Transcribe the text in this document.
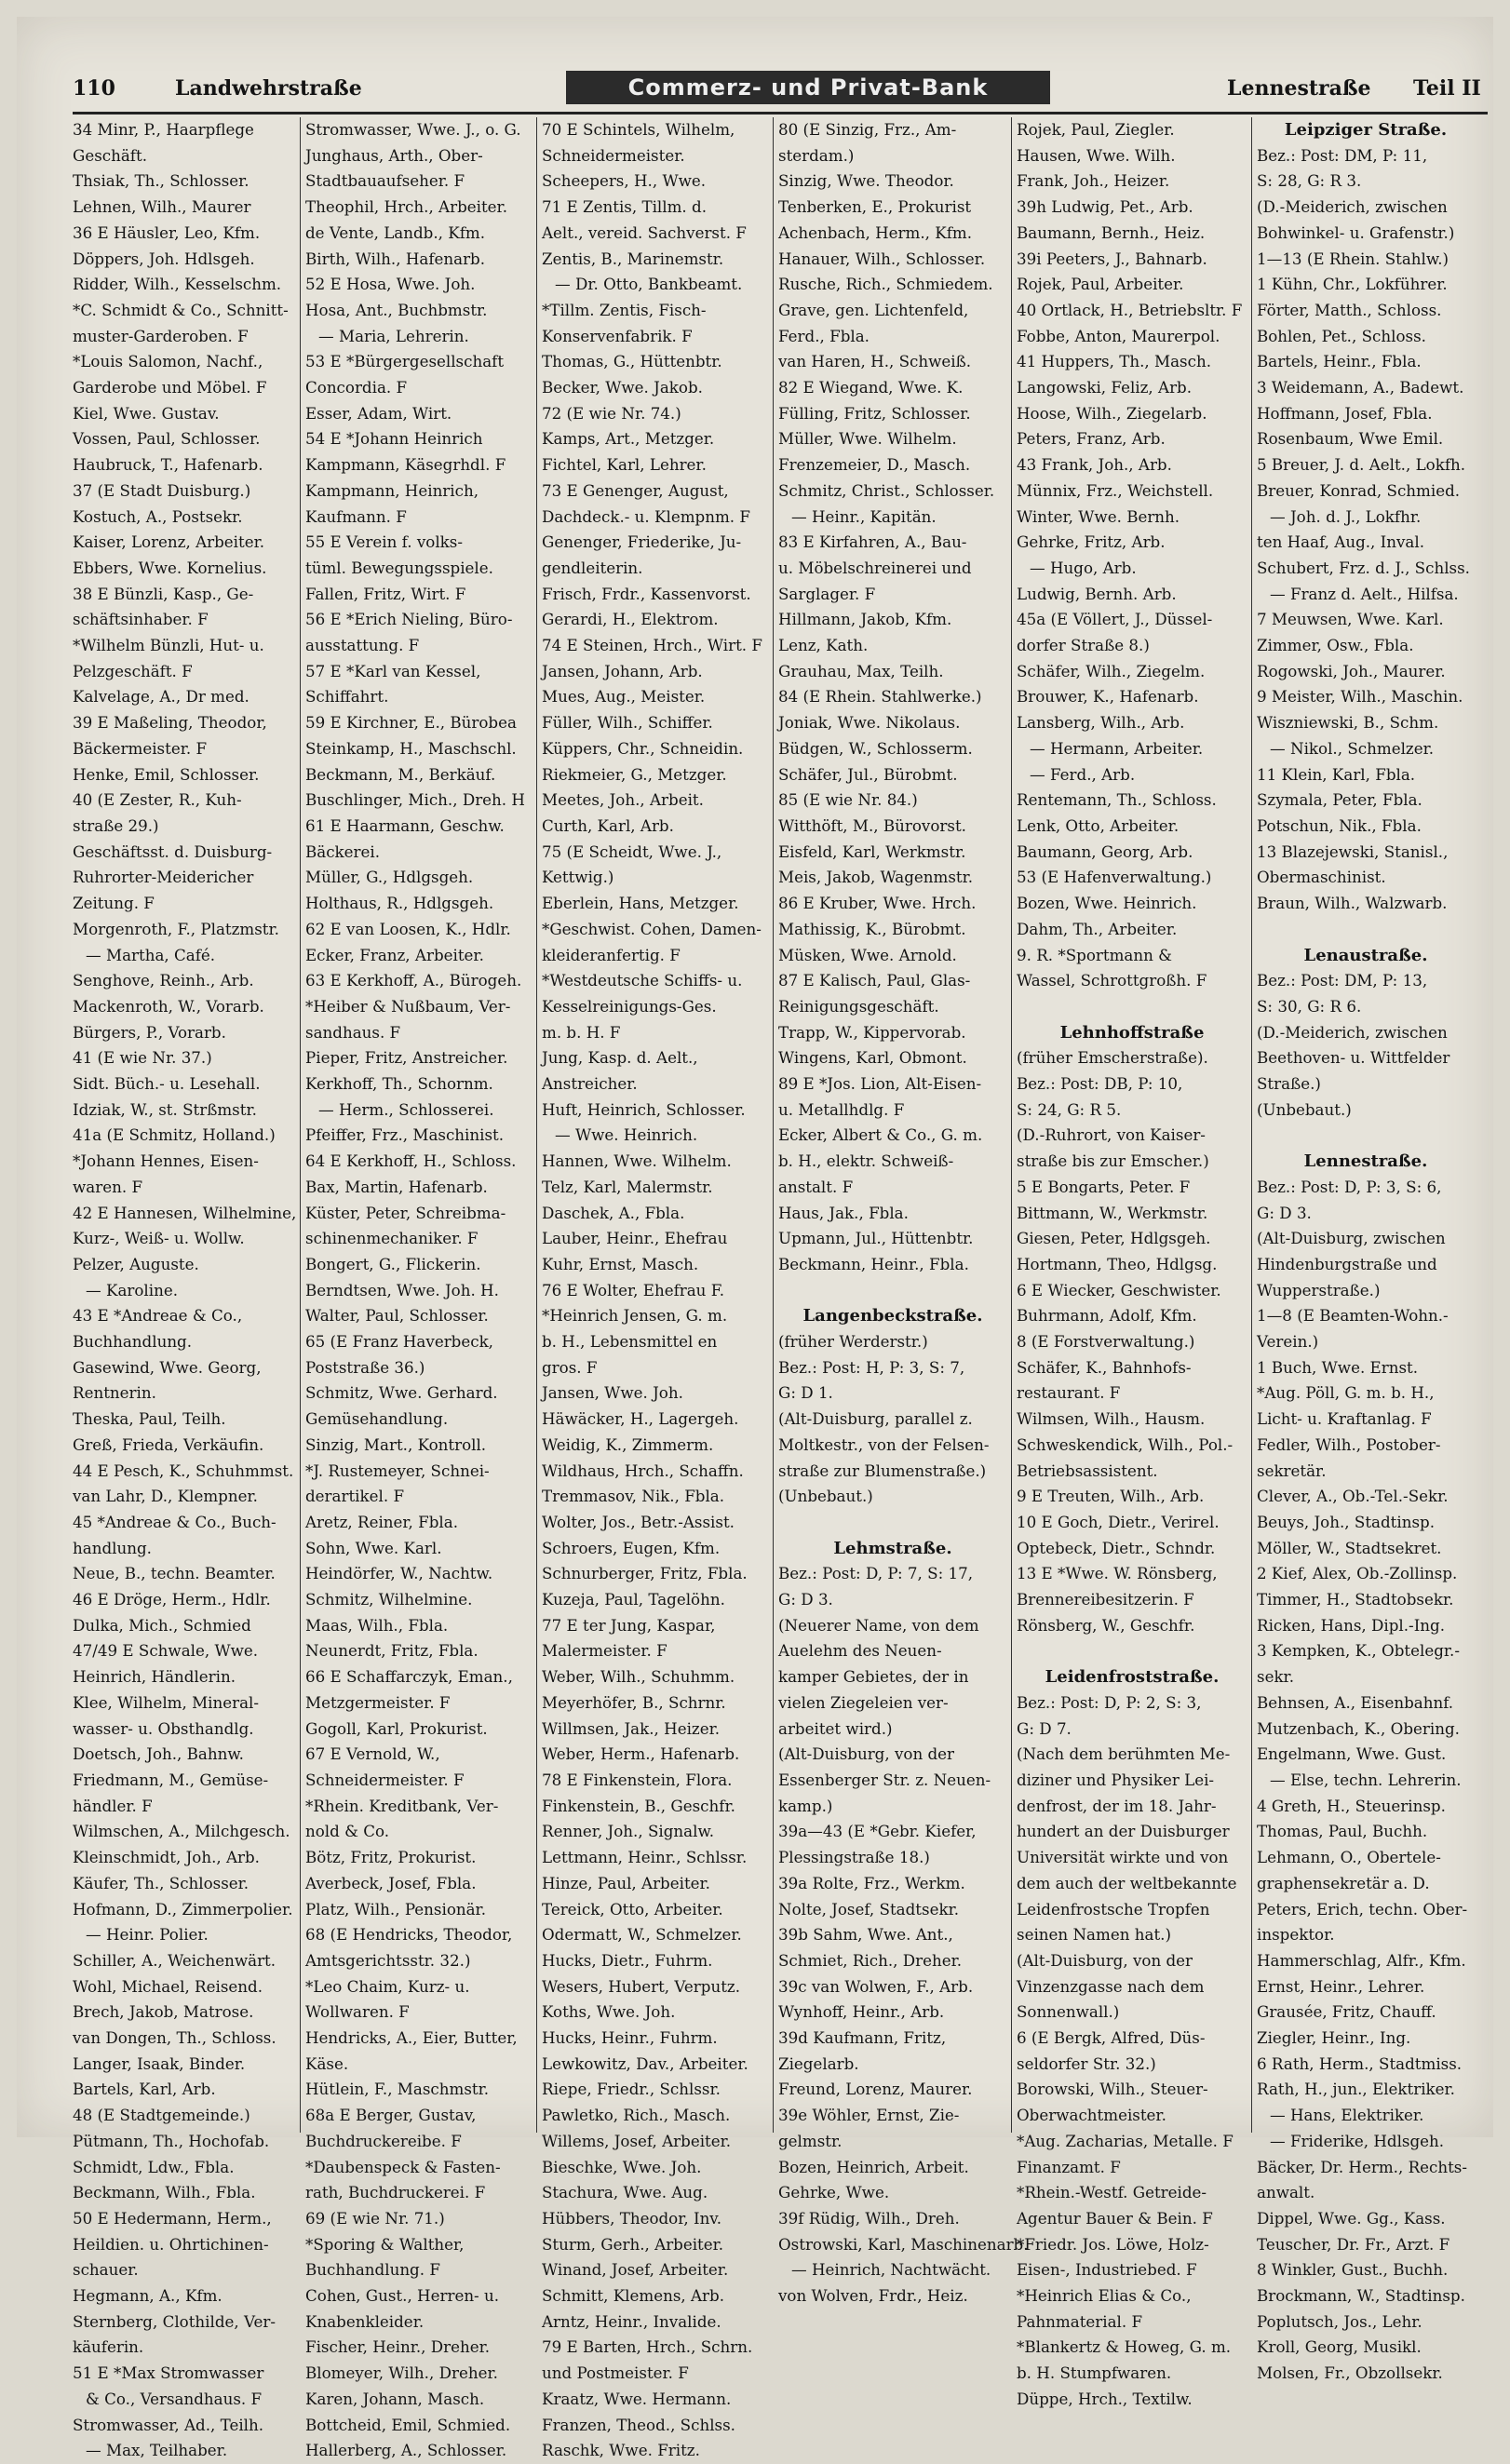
110	Landwehrstraße	Commerz- und Privat-Bank	Lennestraße Teil II
34 Minr, P., Haarpflege
Geschäft.
Thsiak, Th., Schlosser.
Lehnen, Wilh., Maurer
36 E Häusler, Leo, Kfm.
Döppers, Joh. Hdlsgeh.
Ridder, Wilh., Kesselschm.
*C. Schmidt & Co., Schnitt-
muster-Garderoben. F
*Louis Salomon, Nachf.,
Garderobe und Möbel. F
Kiel, Wwe. Gustav.
Vossen, Paul, Schlosser.
Haubruck, T., Hafenarb.
37 (E Stadt Duisburg.)
Kostuch, A., Postsekr.
Kaiser, Lorenz, Arbeiter.
Ebbers, Wwe. Kornelius.
38 E Bünzli, Kasp., Ge-
schäftsinhaber. F
*Wilhelm Bünzli, Hut- u.
Pelzgeschäft. F
Kalvelage, A., Dr med.
39 E Maßeling, Theodor,
Bäckermeister. F
Henke, Emil, Schlosser.
40 (E Zester, R., Kuh-
straße 29.)
Geschäftsst. d. Duisburg-
Ruhrorter-Meidericher
Zeitung. F
Morgenroth, F., Platzmstr.
— Martha, Café.
Senghove, Reinh., Arb.
Mackenroth, W., Vorarb.
Bürgers, P., Vorarb.
41 (E wie Nr. 37.)
Sidt. Büch.- u. Lesehall.
Idziak, W., st. Strßmstr.
41a (E Schmitz, Holland.)
*Johann Hennes, Eisen-
waren. F
42 E Hannesen, Wilhelmine,
Kurz-, Weiß- u. Wollw.
Pelzer, Auguste.
— Karoline.
43 E *Andreae & Co.,
Buchhandlung.
Gasewind, Wwe. Georg,
Rentnerin.
Theska, Paul, Teilh.
Greß, Frieda, Verkäufin.
44 E Pesch, K., Schuhmmst.
van Lahr, D., Klempner.
45 *Andreae & Co., Buch-
handlung.
Neue, B., techn. Beamter.
46 E Dröge, Herm., Hdlr.
Dulka, Mich., Schmied
47/49 E Schwale, Wwe.
Heinrich, Händlerin.
Klee, Wilhelm, Mineral-
wasser- u. Obsthandlg.
Doetsch, Joh., Bahnw.
Friedmann, M., Gemüse-
händler. F
Wilmschen, A., Milchgesch.
Kleinschmidt, Joh., Arb.
Käufer, Th., Schlosser.
Hofmann, D., Zimmerpolier.
— Heinr. Polier.
Schiller, A., Weichenwärt.
Wohl, Michael, Reisend.
Brech, Jakob, Matrose.
van Dongen, Th., Schloss.
Langer, Isaak, Binder.
Bartels, Karl, Arb.
48 (E Stadtgemeinde.)
Pütmann, Th., Hochofab.
Schmidt, Ldw., Fbla.
Beckmann, Wilh., Fbla.
50 E Hedermann, Herm.,
Heildien. u. Ohrtichinen-
schauer.
Hegmann, A., Kfm.
Sternberg, Clothilde, Ver-
käuferin.
51 E *Max Stromwasser
& Co., Versandhaus. F
Stromwasser, Ad., Teilh.
— Max, Teilhaber.
Stromwasser, Wwe. J., o. G.
Junghaus, Arth., Ober-
Stadtbauaufseher. F
Theophil, Hrch., Arbeiter.
de Vente, Landb., Kfm.
Birth, Wilh., Hafenarb.
52 E Hosa, Wwe. Joh.
Hosa, Ant., Buchbmstr.
— Maria, Lehrerin.
53 E *Bürgergesellschaft
Concordia. F
Esser, Adam, Wirt.
54 E *Johann Heinrich
Kampmann, Käsegrhdl. F
Kampmann, Heinrich,
Kaufmann. F
55 E Verein f. volks-
tüml. Bewegungsspiele.
Fallen, Fritz, Wirt. F
56 E *Erich Nieling, Büro-
ausstattung. F
57 E *Karl van Kessel,
Schiffahrt.
59 E Kirchner, E., Bürobea
Steinkamp, H., Maschschl.
Beckmann, M., Berkäuf.
Buschlinger, Mich., Dreh. H
61 E Haarmann, Geschw.
Bäckerei.
Müller, G., Hdlgsgeh.
Holthaus, R., Hdlgsgeh.
62 E van Loosen, K., Hdlr.
Ecker, Franz, Arbeiter.
63 E Kerkhoff, A., Bürogeh.
*Heiber & Nußbaum, Ver-
sandhaus. F
Pieper, Fritz, Anstreicher.
Kerkhoff, Th., Schornm.
— Herm., Schlosserei.
Pfeiffer, Frz., Maschinist.
64 E Kerkhoff, H., Schloss.
Bax, Martin, Hafenarb.
Küster, Peter, Schreibma-
schinenmechaniker. F
Bongert, G., Flickerin.
Berndtsen, Wwe. Joh. H.
Walter, Paul, Schlosser.
65 (E Franz Haverbeck,
Poststraße 36.)
Schmitz, Wwe. Gerhard.
Gemüsehandlung.
Sinzig, Mart., Kontroll.
*J. Rustemeyer, Schnei-
derartikel. F
Aretz, Reiner, Fbla.
Sohn, Wwe. Karl.
Heindörfer, W., Nachtw.
Schmitz, Wilhelmine.
Maas, Wilh., Fbla.
Neunerdt, Fritz, Fbla.
66 E Schaffarczyk, Eman.,
Metzgermeister. F
Gogoll, Karl, Prokurist.
67 E Vernold, W.,
Schneidermeister. F
*Rhein. Kreditbank, Ver-
nold & Co.
Bötz, Fritz, Prokurist.
Averbeck, Josef, Fbla.
Platz, Wilh., Pensionär.
68 (E Hendricks, Theodor,
Amtsgerichtsstr. 32.)
*Leo Chaim, Kurz- u.
Wollwaren. F
Hendricks, A., Eier, Butter,
Käse.
Hütlein, F., Maschmstr.
68a E Berger, Gustav,
Buchdruckereibe. F
*Daubenspeck & Fasten-
rath, Buchdruckerei. F
69 (E wie Nr. 71.)
*Sporing & Walther,
Buchhandlung. F
Cohen, Gust., Herren- u.
Knabenkleider.
Fischer, Heinr., Dreher.
Blomeyer, Wilh., Dreher.
Karen, Johann, Masch.
Bottcheid, Emil, Schmied.
Hallerberg, A., Schlosser.
70 E Schintels, Wilhelm,
Schneidermeister.
Scheepers, H., Wwe.
71 E Zentis, Tillm. d.
Aelt., vereid. Sachverst. F
Zentis, B., Marinemstr.
— Dr. Otto, Bankbeamt.
*Tillm. Zentis, Fisch-
Konservenfabrik. F
Thomas, G., Hüttenbtr.
Becker, Wwe. Jakob.
72 (E wie Nr. 74.)
Kamps, Art., Metzger.
Fichtel, Karl, Lehrer.
73 E Genenger, August,
Dachdeck.- u. Klempnm. F
Genenger, Friederike, Ju-
gendleiterin.
Frisch, Frdr., Kassenvorst.
Gerardi, H., Elektrom.
74 E Steinen, Hrch., Wirt. F
Jansen, Johann, Arb.
Mues, Aug., Meister.
Füller, Wilh., Schiffer.
Küppers, Chr., Schneidin.
Riekmeier, G., Metzger.
Meetes, Joh., Arbeit.
Curth, Karl, Arb.
75 (E Scheidt, Wwe. J.,
Kettwig.)
Eberlein, Hans, Metzger.
*Geschwist. Cohen, Damen-
kleideranfertig. F
*Westdeutsche Schiffs- u.
Kesselreinigungs-Ges.
m. b. H. F
Jung, Kasp. d. Aelt.,
Anstreicher.
Huft, Heinrich, Schlosser.
— Wwe. Heinrich.
Hannen, Wwe. Wilhelm.
Telz, Karl, Malermstr.
Daschek, A., Fbla.
Lauber, Heinr., Ehefrau
Kuhr, Ernst, Masch.
76 E Wolter, Ehefrau F.
*Heinrich Jensen, G. m.
b. H., Lebensmittel en
gros. F
Jansen, Wwe. Joh.
Häwäcker, H., Lagergeh.
Weidig, K., Zimmerm.
Wildhaus, Hrch., Schaffn.
Tremmasov, Nik., Fbla.
Wolter, Jos., Betr.-Assist.
Schroers, Eugen, Kfm.
Schnurberger, Fritz, Fbla.
Kuzeja, Paul, Tagelöhn.
77 E ter Jung, Kaspar,
Malermeister. F
Weber, Wilh., Schuhmm.
Meyerhöfer, B., Schrnr.
Willmsen, Jak., Heizer.
Weber, Herm., Hafenarb.
78 E Finkenstein, Flora.
Finkenstein, B., Geschfr.
Renner, Joh., Signalw.
Lettmann, Heinr., Schlssr.
Hinze, Paul, Arbeiter.
Tereick, Otto, Arbeiter.
Odermatt, W., Schmelzer.
Hucks, Dietr., Fuhrm.
Wesers, Hubert, Verputz.
Koths, Wwe. Joh.
Hucks, Heinr., Fuhrm.
Lewkowitz, Dav., Arbeiter.
Riepe, Friedr., Schlssr.
Pawletko, Rich., Masch.
Willems, Josef, Arbeiter.
Bieschke, Wwe. Joh.
Stachura, Wwe. Aug.
Hübbers, Theodor, Inv.
Sturm, Gerh., Arbeiter.
Winand, Josef, Arbeiter.
Schmitt, Klemens, Arb.
Arntz, Heinr., Invalide.
79 E Barten, Hrch., Schrn.
und Postmeister. F
Kraatz, Wwe. Hermann.
Franzen, Theod., Schlss.
Raschk, Wwe. Fritz.
80 (E Sinzig, Frz., Am-
sterdam.)
Sinzig, Wwe. Theodor.
Tenberken, E., Prokurist
Achenbach, Herm., Kfm.
Hanauer, Wilh., Schlosser.
Rusche, Rich., Schmiedem.
Grave, gen. Lichtenfeld,
Ferd., Fbla.
van Haren, H., Schweiß.
82 E Wiegand, Wwe. K.
Fülling, Fritz, Schlosser.
Müller, Wwe. Wilhelm.
Frenzemeier, D., Masch.
Schmitz, Christ., Schlosser.
— Heinr., Kapitän.
83 E Kirfahren, A., Bau-
u. Möbelschreinerei und
Sarglager. F
Hillmann, Jakob, Kfm.
Lenz, Kath.
Grauhau, Max, Teilh.
84 (E Rhein. Stahlwerke.)
Joniak, Wwe. Nikolaus.
Büdgen, W., Schlosserm.
Schäfer, Jul., Bürobmt.
85 (E wie Nr. 84.)
Witthöft, M., Bürovorst.
Eisfeld, Karl, Werkmstr.
Meis, Jakob, Wagenmstr.
86 E Kruber, Wwe. Hrch.
Mathissig, K., Bürobmt.
Müsken, Wwe. Arnold.
87 E Kalisch, Paul, Glas-
Reinigungsgeschäft.
Trapp, W., Kippervorab.
Wingens, Karl, Obmont.
89 E *Jos. Lion, Alt-Eisen-
u. Metallhdlg. F
Ecker, Albert & Co., G. m.
b. H., elektr. Schweiß-
anstalt. F
Haus, Jak., Fbla.
Upmann, Jul., Hüttenbtr.
Beckmann, Heinr., Fbla.

Langenbeckstraße.
(früher Werderstr.)
Bez.: Post: H, P: 3, S: 7,
G: D 1.
(Alt-Duisburg, parallel z.
Moltkestr., von der Felsen-
straße zur Blumenstraße.)
(Unbebaut.)

Lehmstraße.
Bez.: Post: D, P: 7, S: 17,
G: D 3.
(Neuerer Name, von dem
Auelehm des Neuen-
kamper Gebietes, der in
vielen Ziegeleien ver-
arbeitet wird.)
(Alt-Duisburg, von der
Essenberger Str. z. Neuen-
kamp.)
39a—43 (E *Gebr. Kiefer,
Plessingstraße 18.)
39a Rolte, Frz., Werkm.
Nolte, Josef, Stadtsekr.
39b Sahm, Wwe. Ant.,
Schmiet, Rich., Dreher.
39c van Wolwen, F., Arb.
Wynhoff, Heinr., Arb.
39d Kaufmann, Fritz,
Ziegelarb.
Freund, Lorenz, Maurer.
39e Wöhler, Ernst, Zie-
gelmstr.
Bozen, Heinrich, Arbeit.
Gehrke, Wwe.
39f Rüdig, Wilh., Dreh.
Ostrowski, Karl, Maschinenarb.
— Heinrich, Nachtwächt.
von Wolven, Frdr., Heiz.
Rojek, Paul, Ziegler.
Hausen, Wwe. Wilh.
Frank, Joh., Heizer.
39h Ludwig, Pet., Arb.
Baumann, Bernh., Heiz.
39i Peeters, J., Bahnarb.
Rojek, Paul, Arbeiter.
40 Ortlack, H., Betriebsltr. F
Fobbe, Anton, Maurerpol.
41 Huppers, Th., Masch.
Langowski, Feliz, Arb.
Hoose, Wilh., Ziegelarb.
Peters, Franz, Arb.
43 Frank, Joh., Arb.
Münnix, Frz., Weichstell.
Winter, Wwe. Bernh.
Gehrke, Fritz, Arb.
— Hugo, Arb.
Ludwig, Bernh. Arb.
45a (E Völlert, J., Düssel-
dorfer Straße 8.)
Schäfer, Wilh., Ziegelm.
Brouwer, K., Hafenarb.
Lansberg, Wilh., Arb.
— Hermann, Arbeiter.
— Ferd., Arb.
Rentemann, Th., Schloss.
Lenk, Otto, Arbeiter.
Baumann, Georg, Arb.
53 (E Hafenverwaltung.)
Bozen, Wwe. Heinrich.
Dahm, Th., Arbeiter.
9. R. *Sportmann &
Wassel, Schrottgroßh. F

Lehnhoffstraße
(früher Emscherstraße).
Bez.: Post: DB, P: 10,
S: 24, G: R 5.
(D.-Ruhrort, von Kaiser-
straße bis zur Emscher.)
5 E Bongarts, Peter. F
Bittmann, W., Werkmstr.
Giesen, Peter, Hdlgsgeh.
Hortmann, Theo, Hdlgsg.
6 E Wiecker, Geschwister.
Buhrmann, Adolf, Kfm.
8 (E Forstverwaltung.)
Schäfer, K., Bahnhofs-
restaurant. F
Wilmsen, Wilh., Hausm.
Schweskendick, Wilh., Pol.-
Betriebsassistent.
9 E Treuten, Wilh., Arb.
10 E Goch, Dietr., Verirel.
Optebeck, Dietr., Schndr.
13 E *Wwe. W. Rönsberg,
Brennereibesitzerin. F
Rönsberg, W., Geschfr.

Leidenfroststraße.
Bez.: Post: D, P: 2, S: 3,
G: D 7.
(Nach dem berühmten Me-
diziner und Physiker Lei-
denfrost, der im 18. Jahr-
hundert an der Duisburger
Universität wirkte und von
dem auch der weltbekannte
Leidenfrostsche Tropfen
seinen Namen hat.)
(Alt-Duisburg, von der
Vinzenzgasse nach dem
Sonnenwall.)
6 (E Bergk, Alfred, Düs-
seldorfer Str. 32.)
Borowski, Wilh., Steuer-
Oberwachtmeister.
*Aug. Zacharias, Metalle. F
Finanzamt. F
*Rhein.-Westf. Getreide-
Agentur Bauer & Bein. F
*Friedr. Jos. Löwe, Holz-
Eisen-, Industriebed. F
*Heinrich Elias & Co.,
Pahnmaterial. F
*Blankertz & Howeg, G. m.
b. H. Stumpfwaren.
Düppe, Hrch., Textilw.
Leipziger Straße.
Bez.: Post: DM, P: 11,
S: 28, G: R 3.
(D.-Meiderich, zwischen
Bohwinkel- u. Grafenstr.)
1—13 (E Rhein. Stahlw.)
1 Kühn, Chr., Lokführer.
Förter, Matth., Schloss.
Bohlen, Pet., Schloss.
Bartels, Heinr., Fbla.
3 Weidemann, A., Badewt.
Hoffmann, Josef, Fbla.
Rosenbaum, Wwe Emil.
5 Breuer, J. d. Aelt., Lokfh.
Breuer, Konrad, Schmied.
— Joh. d. J., Lokfhr.
ten Haaf, Aug., Inval.
Schubert, Frz. d. J., Schlss.
— Franz d. Aelt., Hilfsa.
7 Meuwsen, Wwe. Karl.
Zimmer, Osw., Fbla.
Rogowski, Joh., Maurer.
9 Meister, Wilh., Maschin.
Wiszniewski, B., Schm.
— Nikol., Schmelzer.
11 Klein, Karl, Fbla.
Szymala, Peter, Fbla.
Potschun, Nik., Fbla.
13 Blazejewski, Stanisl.,
Obermaschinist.
Braun, Wilh., Walzwarb.

Lenaustraße.
Bez.: Post: DM, P: 13,
S: 30, G: R 6.
(D.-Meiderich, zwischen
Beethoven- u. Wittfelder
Straße.)
(Unbebaut.)

Lennestraße.
Bez.: Post: D, P: 3, S: 6,
G: D 3.
(Alt-Duisburg, zwischen
Hindenburgstraße und
Wupperstraße.)
1—8 (E Beamten-Wohn.-
Verein.)
1 Buch, Wwe. Ernst.
*Aug. Pöll, G. m. b. H.,
Licht- u. Kraftanlag. F
Fedler, Wilh., Postober-
sekretär.
Clever, A., Ob.-Tel.-Sekr.
Beuys, Joh., Stadtinsp.
Möller, W., Stadtsekret.
2 Kief, Alex, Ob.-Zollinsp.
Timmer, H., Stadtobsekr.
Ricken, Hans, Dipl.-Ing.
3 Kempken, K., Obtelegr.-
sekr.
Behnsen, A., Eisenbahnf.
Mutzenbach, K., Obering.
Engelmann, Wwe. Gust.
— Else, techn. Lehrerin.
4 Greth, H., Steuerinsp.
Thomas, Paul, Buchh.
Lehmann, O., Obertele-
graphensekretär a. D.
Peters, Erich, techn. Ober-
inspektor.
Hammerschlag, Alfr., Kfm.
Ernst, Heinr., Lehrer.
Grausée, Fritz, Chauff.
Ziegler, Heinr., Ing.
6 Rath, Herm., Stadtmiss.
Rath, H., jun., Elektriker.
— Hans, Elektriker.
— Friderike, Hdlsgeh.
Bäcker, Dr. Herm., Rechts-
anwalt.
Dippel, Wwe. Gg., Kass.
Teuscher, Dr. Fr., Arzt. F
8 Winkler, Gust., Buchh.
Brockmann, W., Stadtinsp.
Poplutsch, Jos., Lehr.
Kroll, Georg, Musikl.
Molsen, Fr., Obzollsekr.
